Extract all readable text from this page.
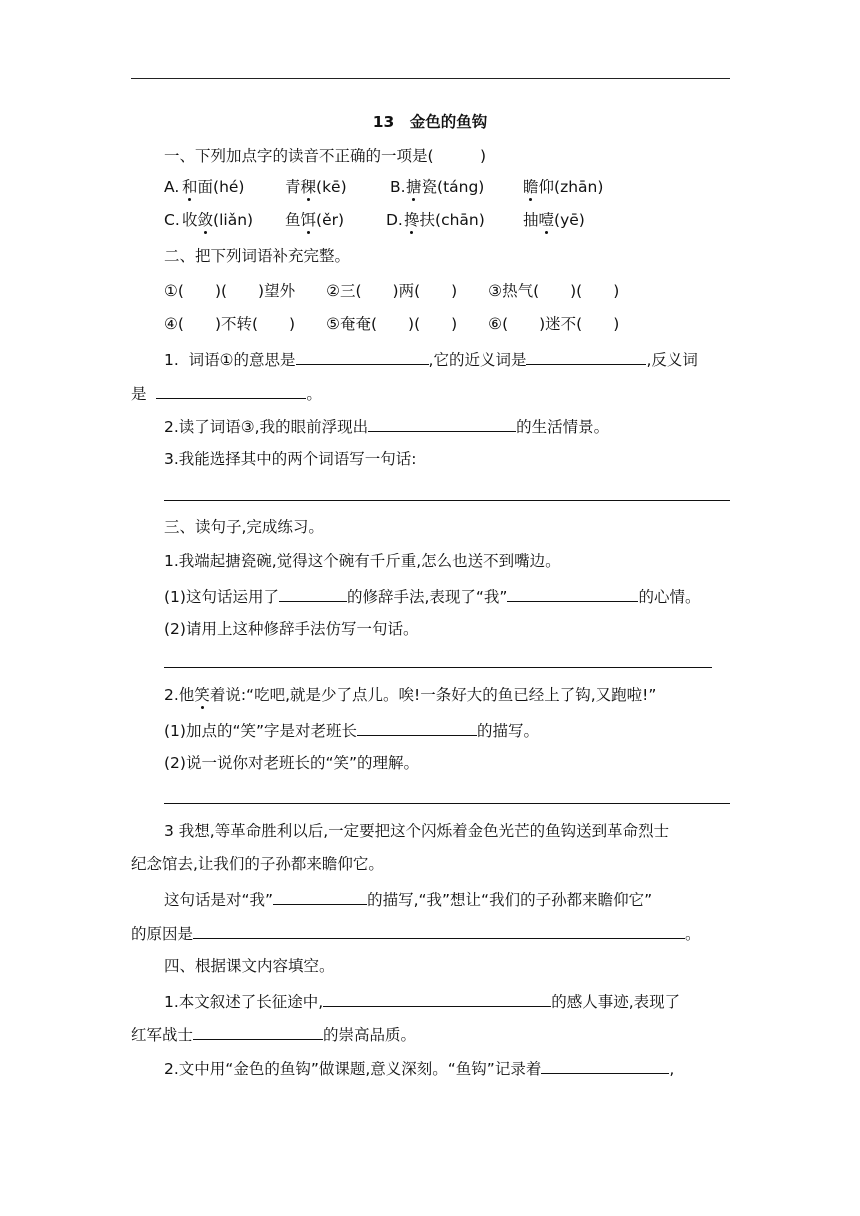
13　金色的鱼钩
一、下列加点字的读音不正确的一项是(　　　)
A. 和面(hé)	青稞(kē)	B. 搪瓷(táng) 瞻仰(zhān)
C. 收敛(liǎn) 鱼饵(ěr)	D. 搀扶(chān) 抽噎(yē)
二、把下列词语补充完整。
①(　　)(　　)望外　　②三(　　)两(　　)　　③热气(　　)(　　)
④(　　)不转(　　)　　⑤奄奄(　　)(　　)　　⑥(　　)迷不(　　)
1.  词语①的意思是	,它的近义词是	,反义词
是	。
2.读了词语③,我的眼前浮现出	的生活情景。
3.我能选择其中的两个词语写一句话:
三、读句子,完成练习。
1.我端起搪瓷碗,觉得这个碗有千斤重,怎么也送不到嘴边。
(1)这句话运用了	的修辞手法,表现了“我”	的心情。
(2)请用上这种修辞手法仿写一句话。
2.他笑着说:“吃吧,就是少了点儿。唉!一条好大的鱼已经上了钩,又跑啦!”
(1)加点的“笑”字是对老班长	的描写。
(2)说一说你对老班长的“笑”的理解。
3 我想,等革命胜利以后,一定要把这个闪烁着金色光芒的鱼钩送到革命烈士
纪念馆去,让我们的子孙都来瞻仰它。
这句话是对“我”	的描写,“我”想让“我们的子孙都来瞻仰它”
的原因是	。
四、根据课文内容填空。
1.本文叙述了长征途中,	的感人事迹,表现了
红军战士	的崇高品质。
2.文中用“金色的鱼钩”做课题,意义深刻。“鱼钩”记录着	,
